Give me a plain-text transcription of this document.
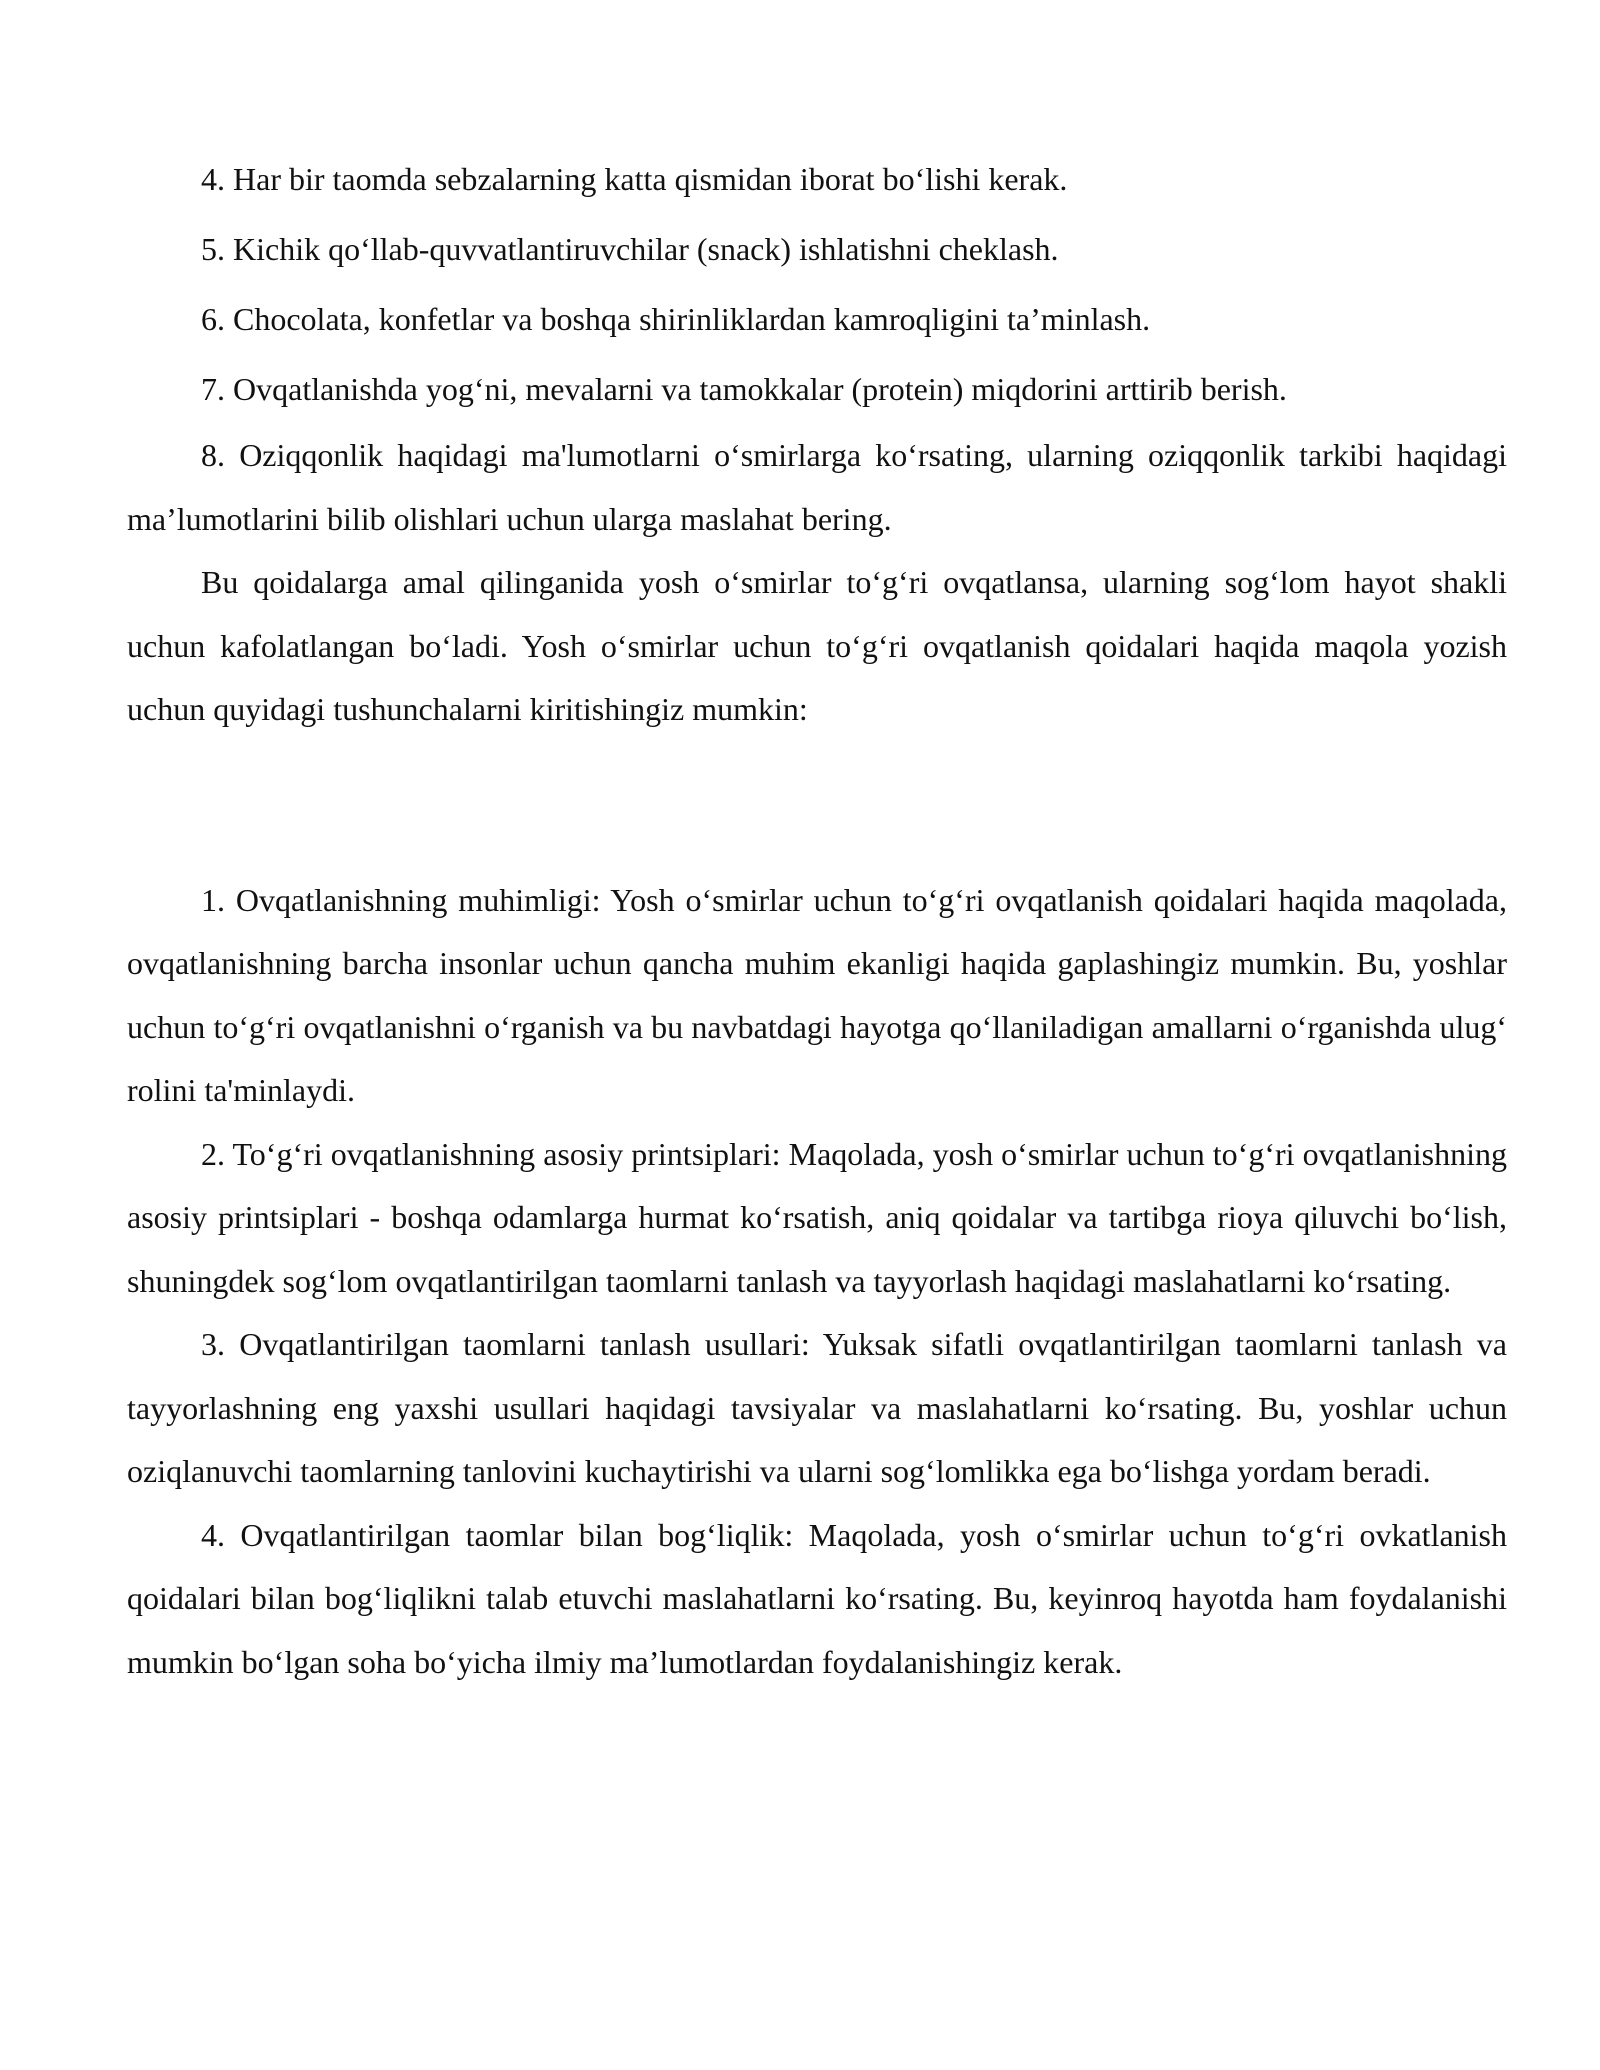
4. Har bir taomda sebzalarning katta qismidan iborat bo‘lishi kerak.

5. Kichik qo‘llab-quvvatlantiruvchilar (snack) ishlatishni cheklash.

6. Chocolata, konfetlar va boshqa shirinliklardan kamroqligini ta’minlash.

7. Ovqatlanishda yog‘ni, mevalarni va tamokkalar (protein) miqdorini arttirib berish.

8. Oziqqonlik haqidagi ma'lumotlarni o‘smirlarga ko‘rsating, ularning oziqqonlik tarkibi haqidagi ma’lumotlarini bilib olishlari uchun ularga maslahat bering.

Bu qoidalarga amal qilinganida yosh o‘smirlar to‘g‘ri ovqatlansa, ularning sog‘lom hayot shakli uchun kafolatlangan bo‘ladi. Yosh o‘smirlar uchun to‘g‘ri ovqatlanish qoidalari haqida maqola yozish uchun quyidagi tushunchalarni kiritishingiz mumkin:

1. Ovqatlanishning muhimligi: Yosh o‘smirlar uchun to‘g‘ri ovqatlanish qoidalari haqida maqolada, ovqatlanishning barcha insonlar uchun qancha muhim ekanligi haqida gaplashingiz mumkin. Bu, yoshlar uchun to‘g‘ri ovqatlanishni o‘rganish va bu navbatdagi hayotga qo‘llaniladigan amallarni o‘rganishda ulug‘ rolini ta'minlaydi.

2. To‘g‘ri ovqatlanishning asosiy printsiplari: Maqolada, yosh o‘smirlar uchun to‘g‘ri ovqatlanishning asosiy printsiplari - boshqa odamlarga hurmat ko‘rsatish, aniq qoidalar va tartibga rioya qiluvchi bo‘lish, shuningdek sog‘lom ovqatlantirilgan taomlarni tanlash va tayyorlash haqidagi maslahatlarni ko‘rsating.

3. Ovqatlantirilgan taomlarni tanlash usullari: Yuksak sifatli ovqatlantirilgan taomlarni tanlash va tayyorlashning eng yaxshi usullari haqidagi tavsiyalar va maslahatlarni ko‘rsating. Bu, yoshlar uchun oziqlanuvchi taomlarning tanlovini kuchaytirishi va ularni sog‘lomlikka ega bo‘lishga yordam beradi.

4. Ovqatlantirilgan taomlar bilan bog‘liqlik: Maqolada, yosh o‘smirlar uchun to‘g‘ri ovkatlanish qoidalari bilan bog‘liqlikni talab etuvchi maslahatlarni ko‘rsating. Bu, keyinroq hayotda ham foydalanishi mumkin bo‘lgan soha bo‘yicha ilmiy ma’lumotlardan foydalanishingiz kerak.
